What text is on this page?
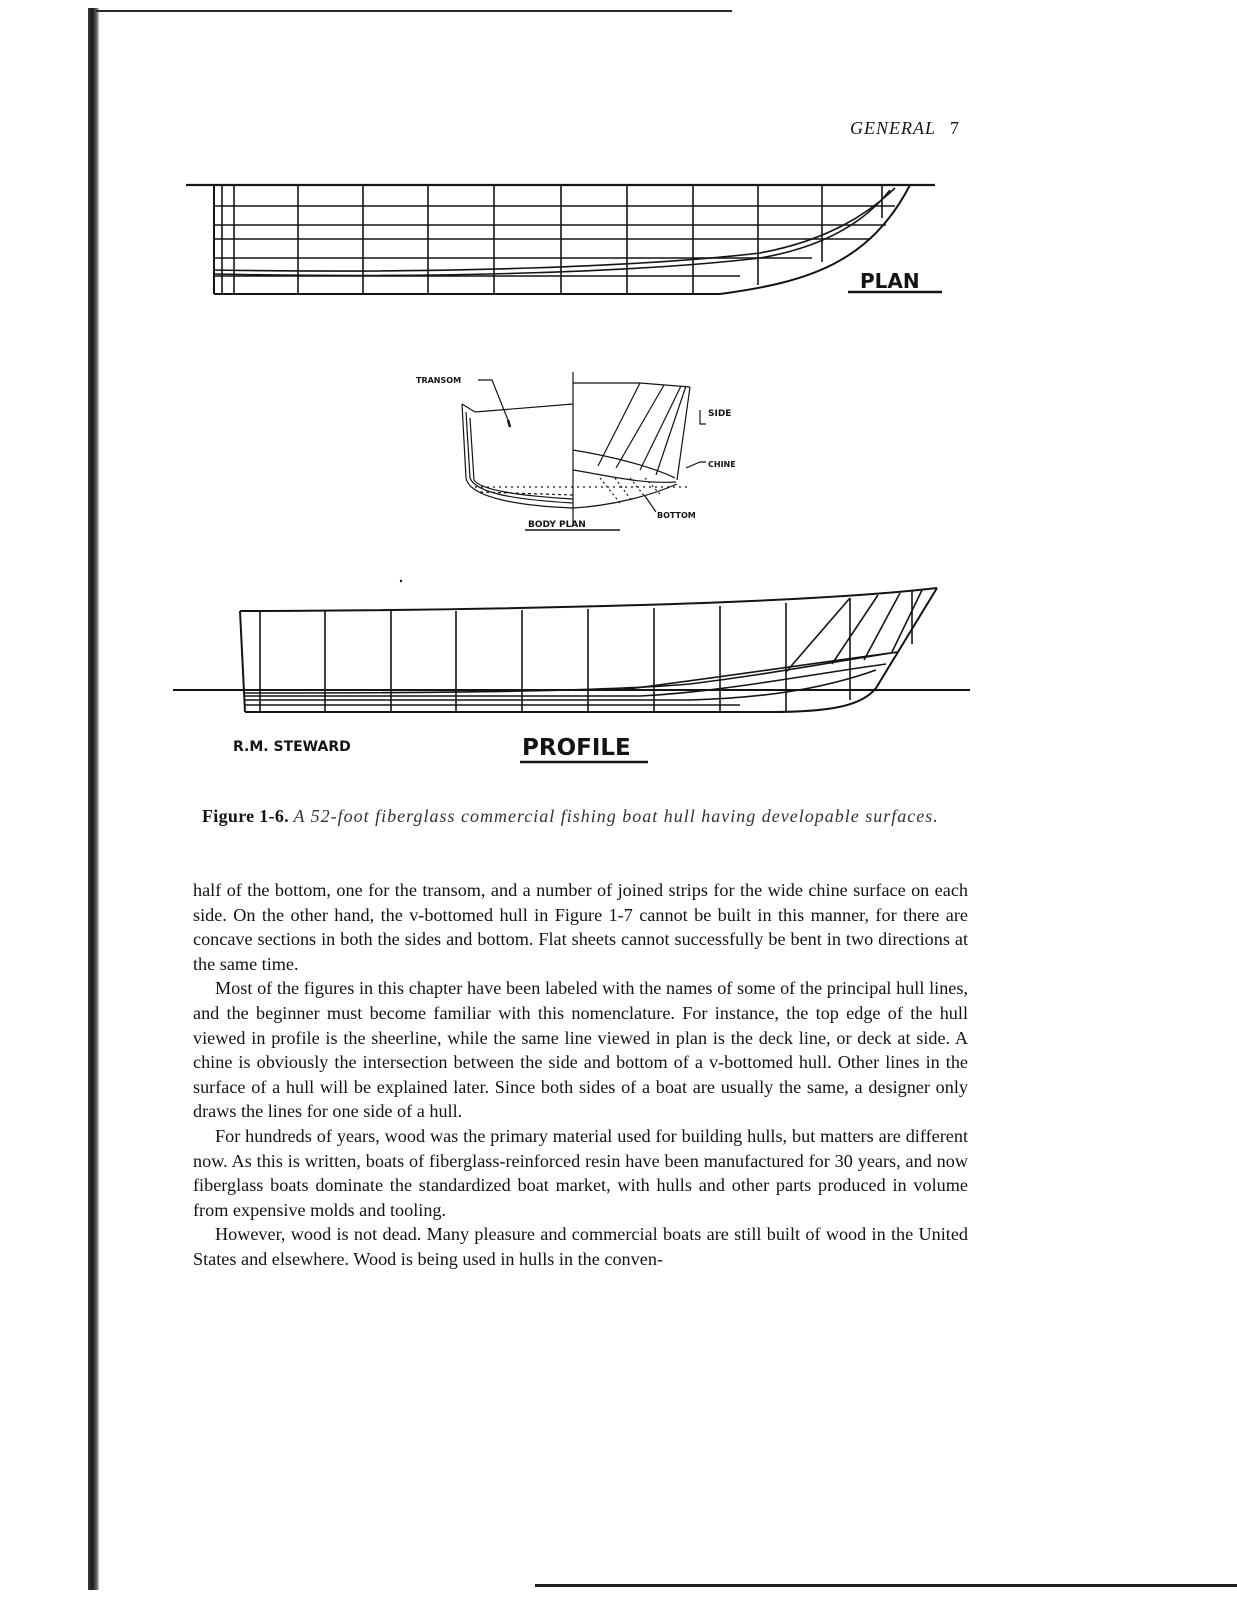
GENERAL 7
PLAN
TRANSOM
SIDE
CHINE
BOTTOM
BODY PLAN
R.M. STEWARD	PROFILE
Figure 1-6. A 52-foot fiberglass commercial fishing boat hull having developable surfaces.

half of the bottom, one for the transom, and a number of joined strips for the wide chine surface on each side. On the other hand, the v-bottomed hull in Figure 1-7 cannot be built in this manner, for there are concave sections in both the sides and bottom. Flat sheets cannot successfully be bent in two directions at the same time.

Most of the figures in this chapter have been labeled with the names of some of the principal hull lines, and the beginner must become familiar with this nomenclature. For instance, the top edge of the hull viewed in profile is the sheerline, while the same line viewed in plan is the deck line, or deck at side. A chine is obviously the intersection between the side and bottom of a v-bottomed hull. Other lines in the surface of a hull will be explained later. Since both sides of a boat are usually the same, a designer only draws the lines for one side of a hull.

For hundreds of years, wood was the primary material used for building hulls, but matters are different now. As this is written, boats of fiberglass-reinforced resin have been manufactured for 30 years, and now fiberglass boats dominate the standardized boat market, with hulls and other parts produced in volume from expensive molds and tooling.

However, wood is not dead. Many pleasure and commercial boats are still built of wood in the United States and elsewhere. Wood is being used in hulls in the conven-
